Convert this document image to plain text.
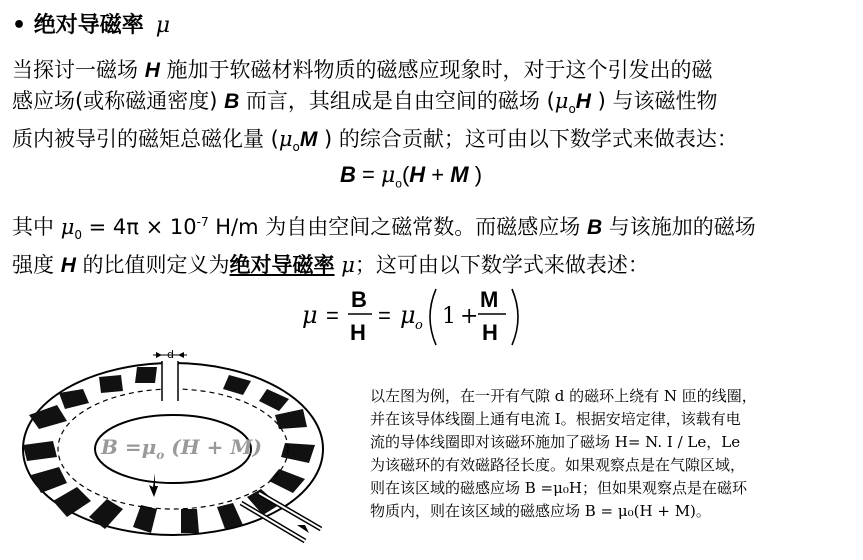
• 绝对导磁率 μ
当探讨一磁场 H 施加于软磁材料物质的磁感应现象时，对于这个引发出的磁
感应场(或称磁通密度) B 而言，其组成是自由空间的磁场 ($\mu_oH$ ) 与该磁性物
质内被导引的磁矩总磁化量 ($\mu_oM$ ) 的综合贡献；这可由以下数学式来做表达：
$B = \mu_o(H + M$ )
其中 $\mu_0 = 4\pi \times 10^{-7}$ H/m 为自由空间之磁常数。而磁感应场 B 与该施加的磁场
强度 H 的比值则定义为绝对导磁率 μ；这可由以下数学式来做表述：
μ =
B
H
= μ o 1 +
M
H
d
$B =\mu_o$ (H + M)
以左图为例，在一开有气隙 d 的磁环上绕有 N 匝的线圈，
并在该导体线圈上通有电流 I。根据安培定律，该载有电
流的导体线圈即对该磁环施加了磁场 H= N. I / Le，Le
为该磁环的有效磁路径长度。如果观察点是在气隙区域，
则在该区域的磁感应场 B =μ₀H；但如果观察点是在磁环
物质内，则在该区域的磁感应场 B = μ₀(H + M)。
